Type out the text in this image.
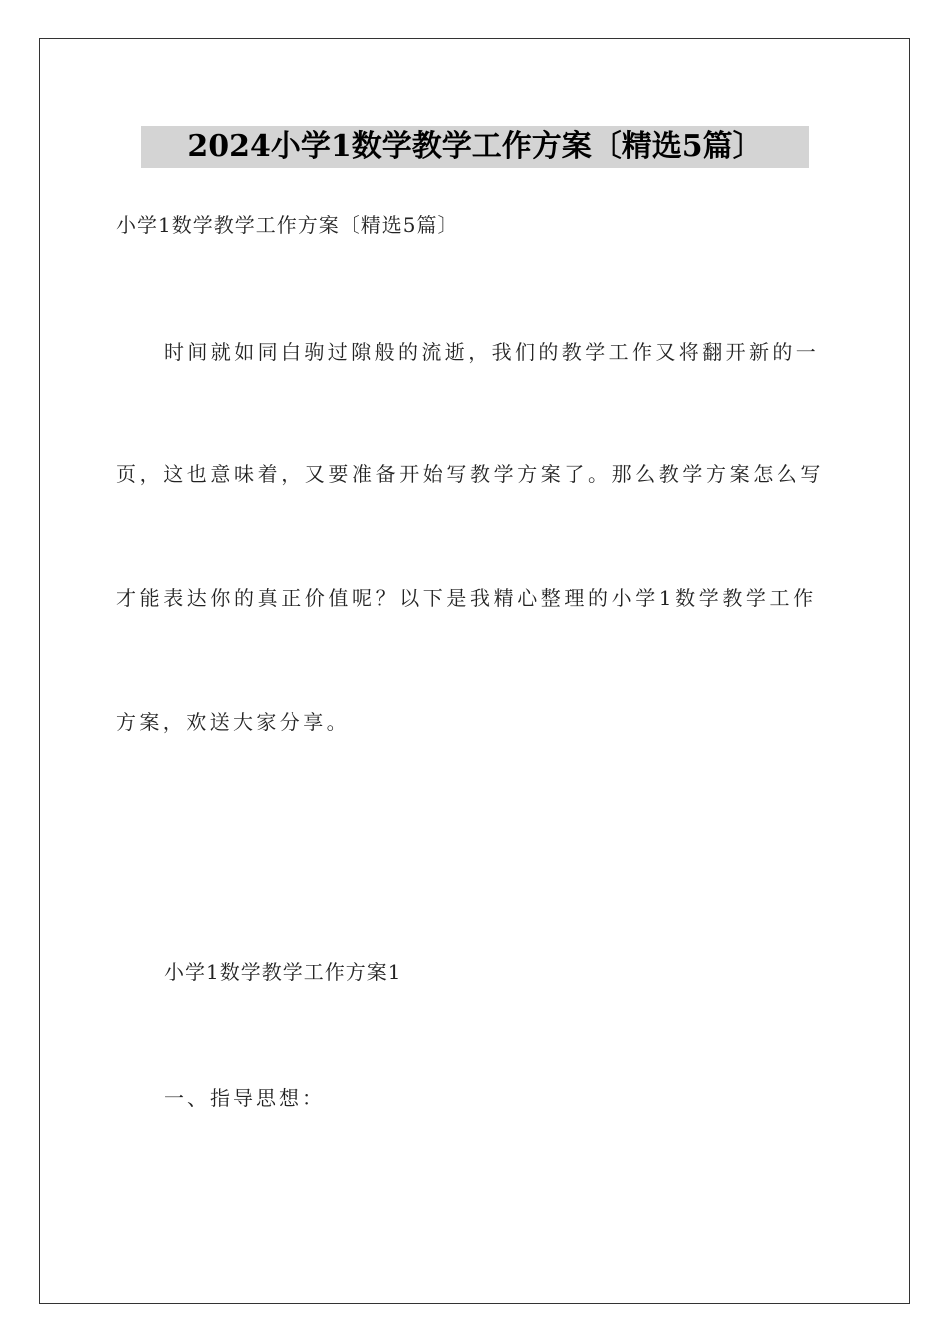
2024小学1数学教学工作方案〔精选5篇〕
小学1数学教学工作方案〔精选5篇〕
时间就如同白驹过隙般的流逝，我们的教学工作又将翻开新的一
页，这也意味着，又要准备开始写教学方案了。那么教学方案怎么写
才能表达你的真正价值呢？以下是我精心整理的小学1数学教学工作
方案，欢送大家分享。
小学1数学教学工作方案1
一、指导思想：
